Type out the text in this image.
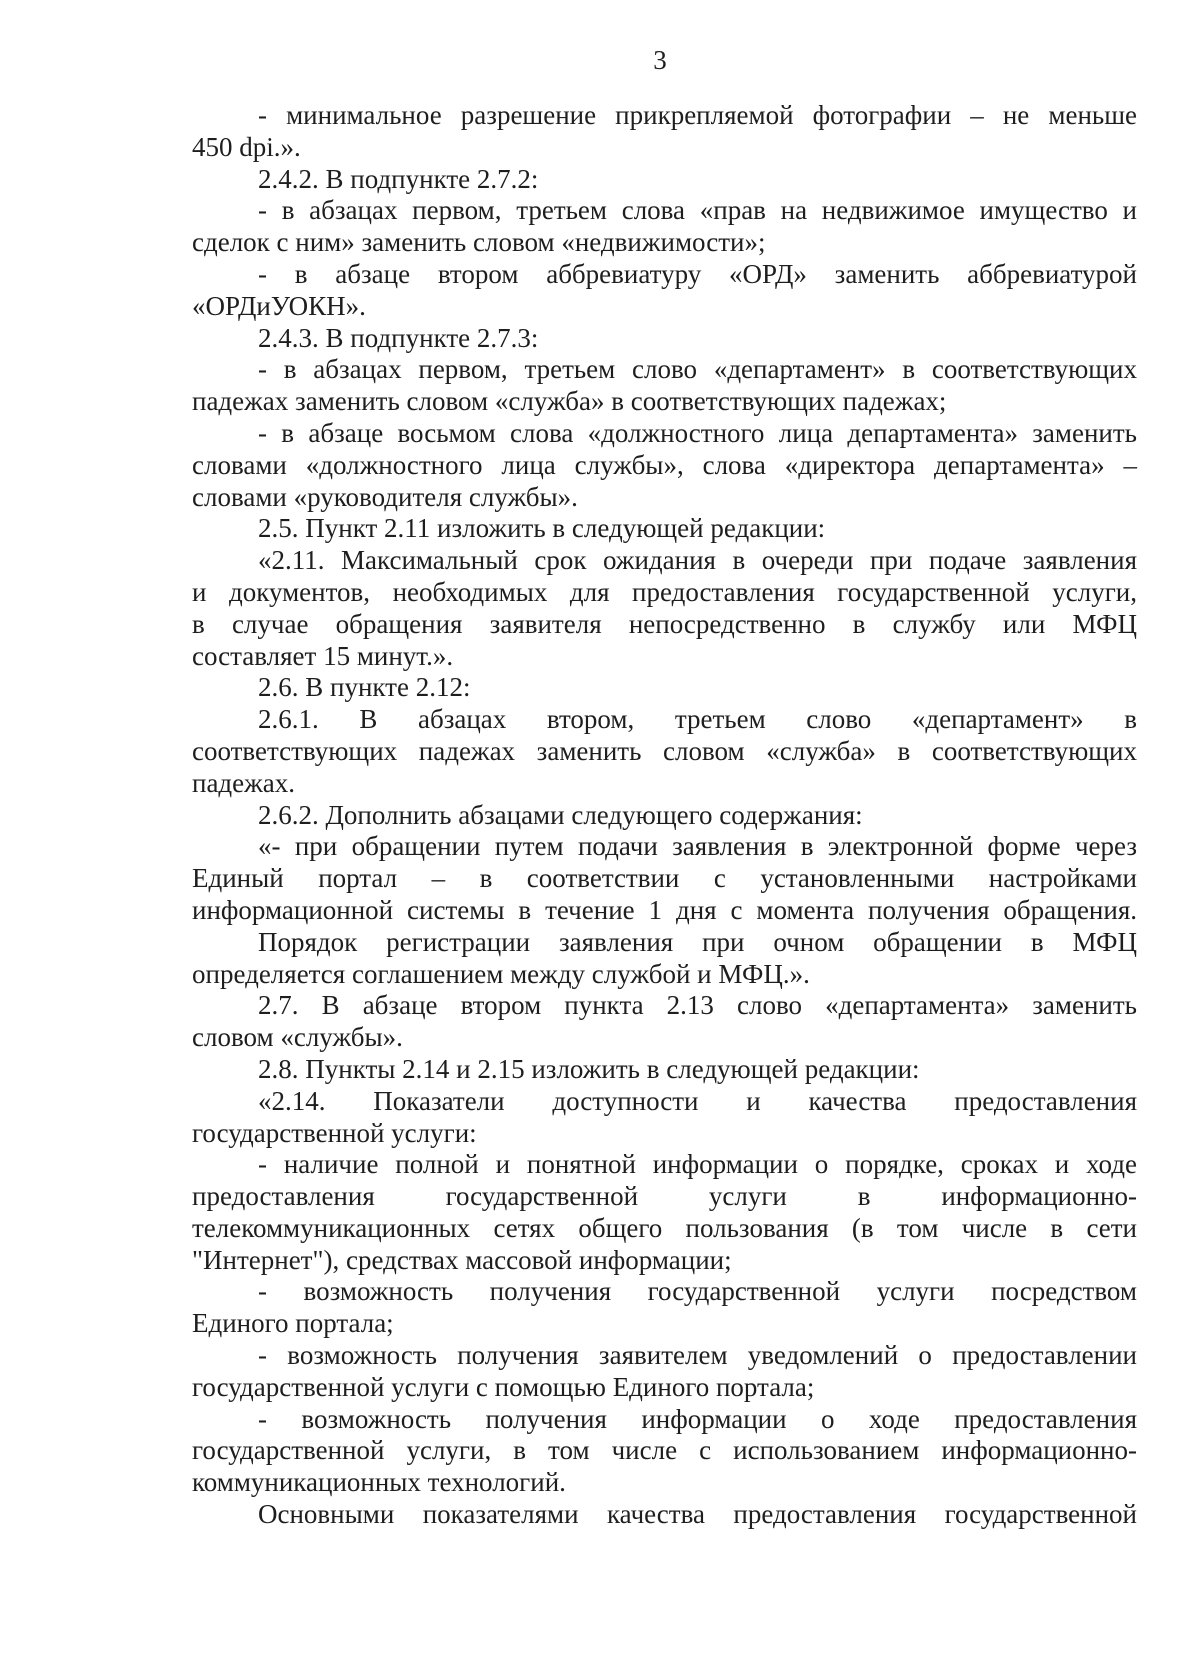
3
- минимальное разрешение прикрепляемой фотографии – не меньше
450 dpi.».
2.4.2. В подпункте 2.7.2:
- в абзацах первом, третьем слова «прав на недвижимое имущество и
сделок с ним» заменить словом «недвижимости»;
- в абзаце втором аббревиатуру «ОРД» заменить аббревиатурой
«ОРДиУОКН».
2.4.3. В подпункте 2.7.3:
- в абзацах первом, третьем слово «департамент» в соответствующих
падежах заменить словом «служба» в соответствующих падежах;
- в абзаце восьмом слова «должностного лица департамента» заменить
словами «должностного лица службы», слова «директора департамента» –
словами «руководителя службы».
2.5. Пункт 2.11 изложить в следующей редакции:
«2.11. Максимальный срок ожидания в очереди при подаче заявления
и документов, необходимых для предоставления государственной услуги,
в случае обращения заявителя непосредственно в службу или МФЦ
составляет 15 минут.».
2.6. В пункте 2.12:
2.6.1. В абзацах втором, третьем слово «департамент» в
соответствующих падежах заменить словом «служба» в соответствующих
падежах.
2.6.2. Дополнить абзацами следующего содержания:
«- при обращении путем подачи заявления в электронной форме через
Единый портал – в соответствии с установленными настройками
информационной системы в течение 1 дня с момента получения обращения.
Порядок регистрации заявления при очном обращении в МФЦ
определяется соглашением между службой и МФЦ.».
2.7. В абзаце втором пункта 2.13 слово «департамента» заменить
словом «службы».
2.8. Пункты 2.14 и 2.15 изложить в следующей редакции:
«2.14. Показатели доступности и качества предоставления
государственной услуги:
- наличие полной и понятной информации о порядке, сроках и ходе
предоставления государственной услуги в информационно-
телекоммуникационных сетях общего пользования (в том числе в сети
"Интернет"), средствах массовой информации;
- возможность получения государственной услуги посредством
Единого портала;
- возможность получения заявителем уведомлений о предоставлении
государственной услуги с помощью Единого портала;
- возможность получения информации о ходе предоставления
государственной услуги, в том числе с использованием информационно-
коммуникационных технологий.
Основными показателями качества предоставления государственной
